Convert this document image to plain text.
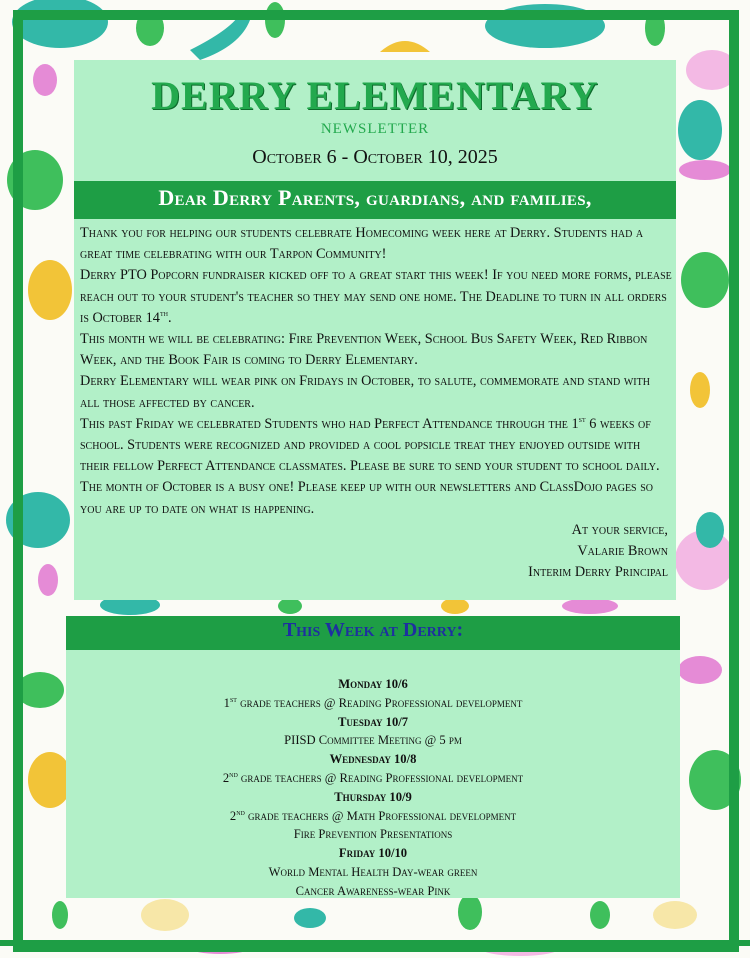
DERRY ELEMENTARY
NEWSLETTER
October 6 - October 10, 2025
Dear Derry Parents, guardians, and families,

Thank you for helping our students celebrate Homecoming week here at Derry. Students had a great time celebrating with our Tarpon Community!

Derry PTO Popcorn fundraiser kicked off to a great start this week! If you need more forms, please reach out to your student's teacher so they may send one home. The Deadline to turn in all orders is October 14th.

This month we will be celebrating: Fire Prevention Week, School Bus Safety Week, Red Ribbon Week, and the Book Fair is coming to Derry Elementary.

Derry Elementary will wear pink on Fridays in October, to salute, commemorate and stand with all those affected by cancer.

This past Friday we celebrated Students who had Perfect Attendance through the 1st 6 weeks of school. Students were recognized and provided a cool popsicle treat they enjoyed outside with their fellow Perfect Attendance classmates. Please be sure to send your student to school daily.

The month of October is a busy one! Please keep up with our newsletters and ClassDojo pages so you are up to date on what is happening.

At your service,

Valarie Brown

Interim Derry Principal

This Week at Derry:
Monday 10/6
1st grade teachers @ Reading Professional development
Tuesday 10/7
PIISD Committee Meeting @ 5 pm
Wednesday 10/8
2nd grade teachers @ Reading Professional development
Thursday 10/9
2nd grade teachers @ Math Professional development
Fire Prevention Presentations
Friday 10/10
World Mental Health Day-wear green
Cancer Awareness-wear Pink
